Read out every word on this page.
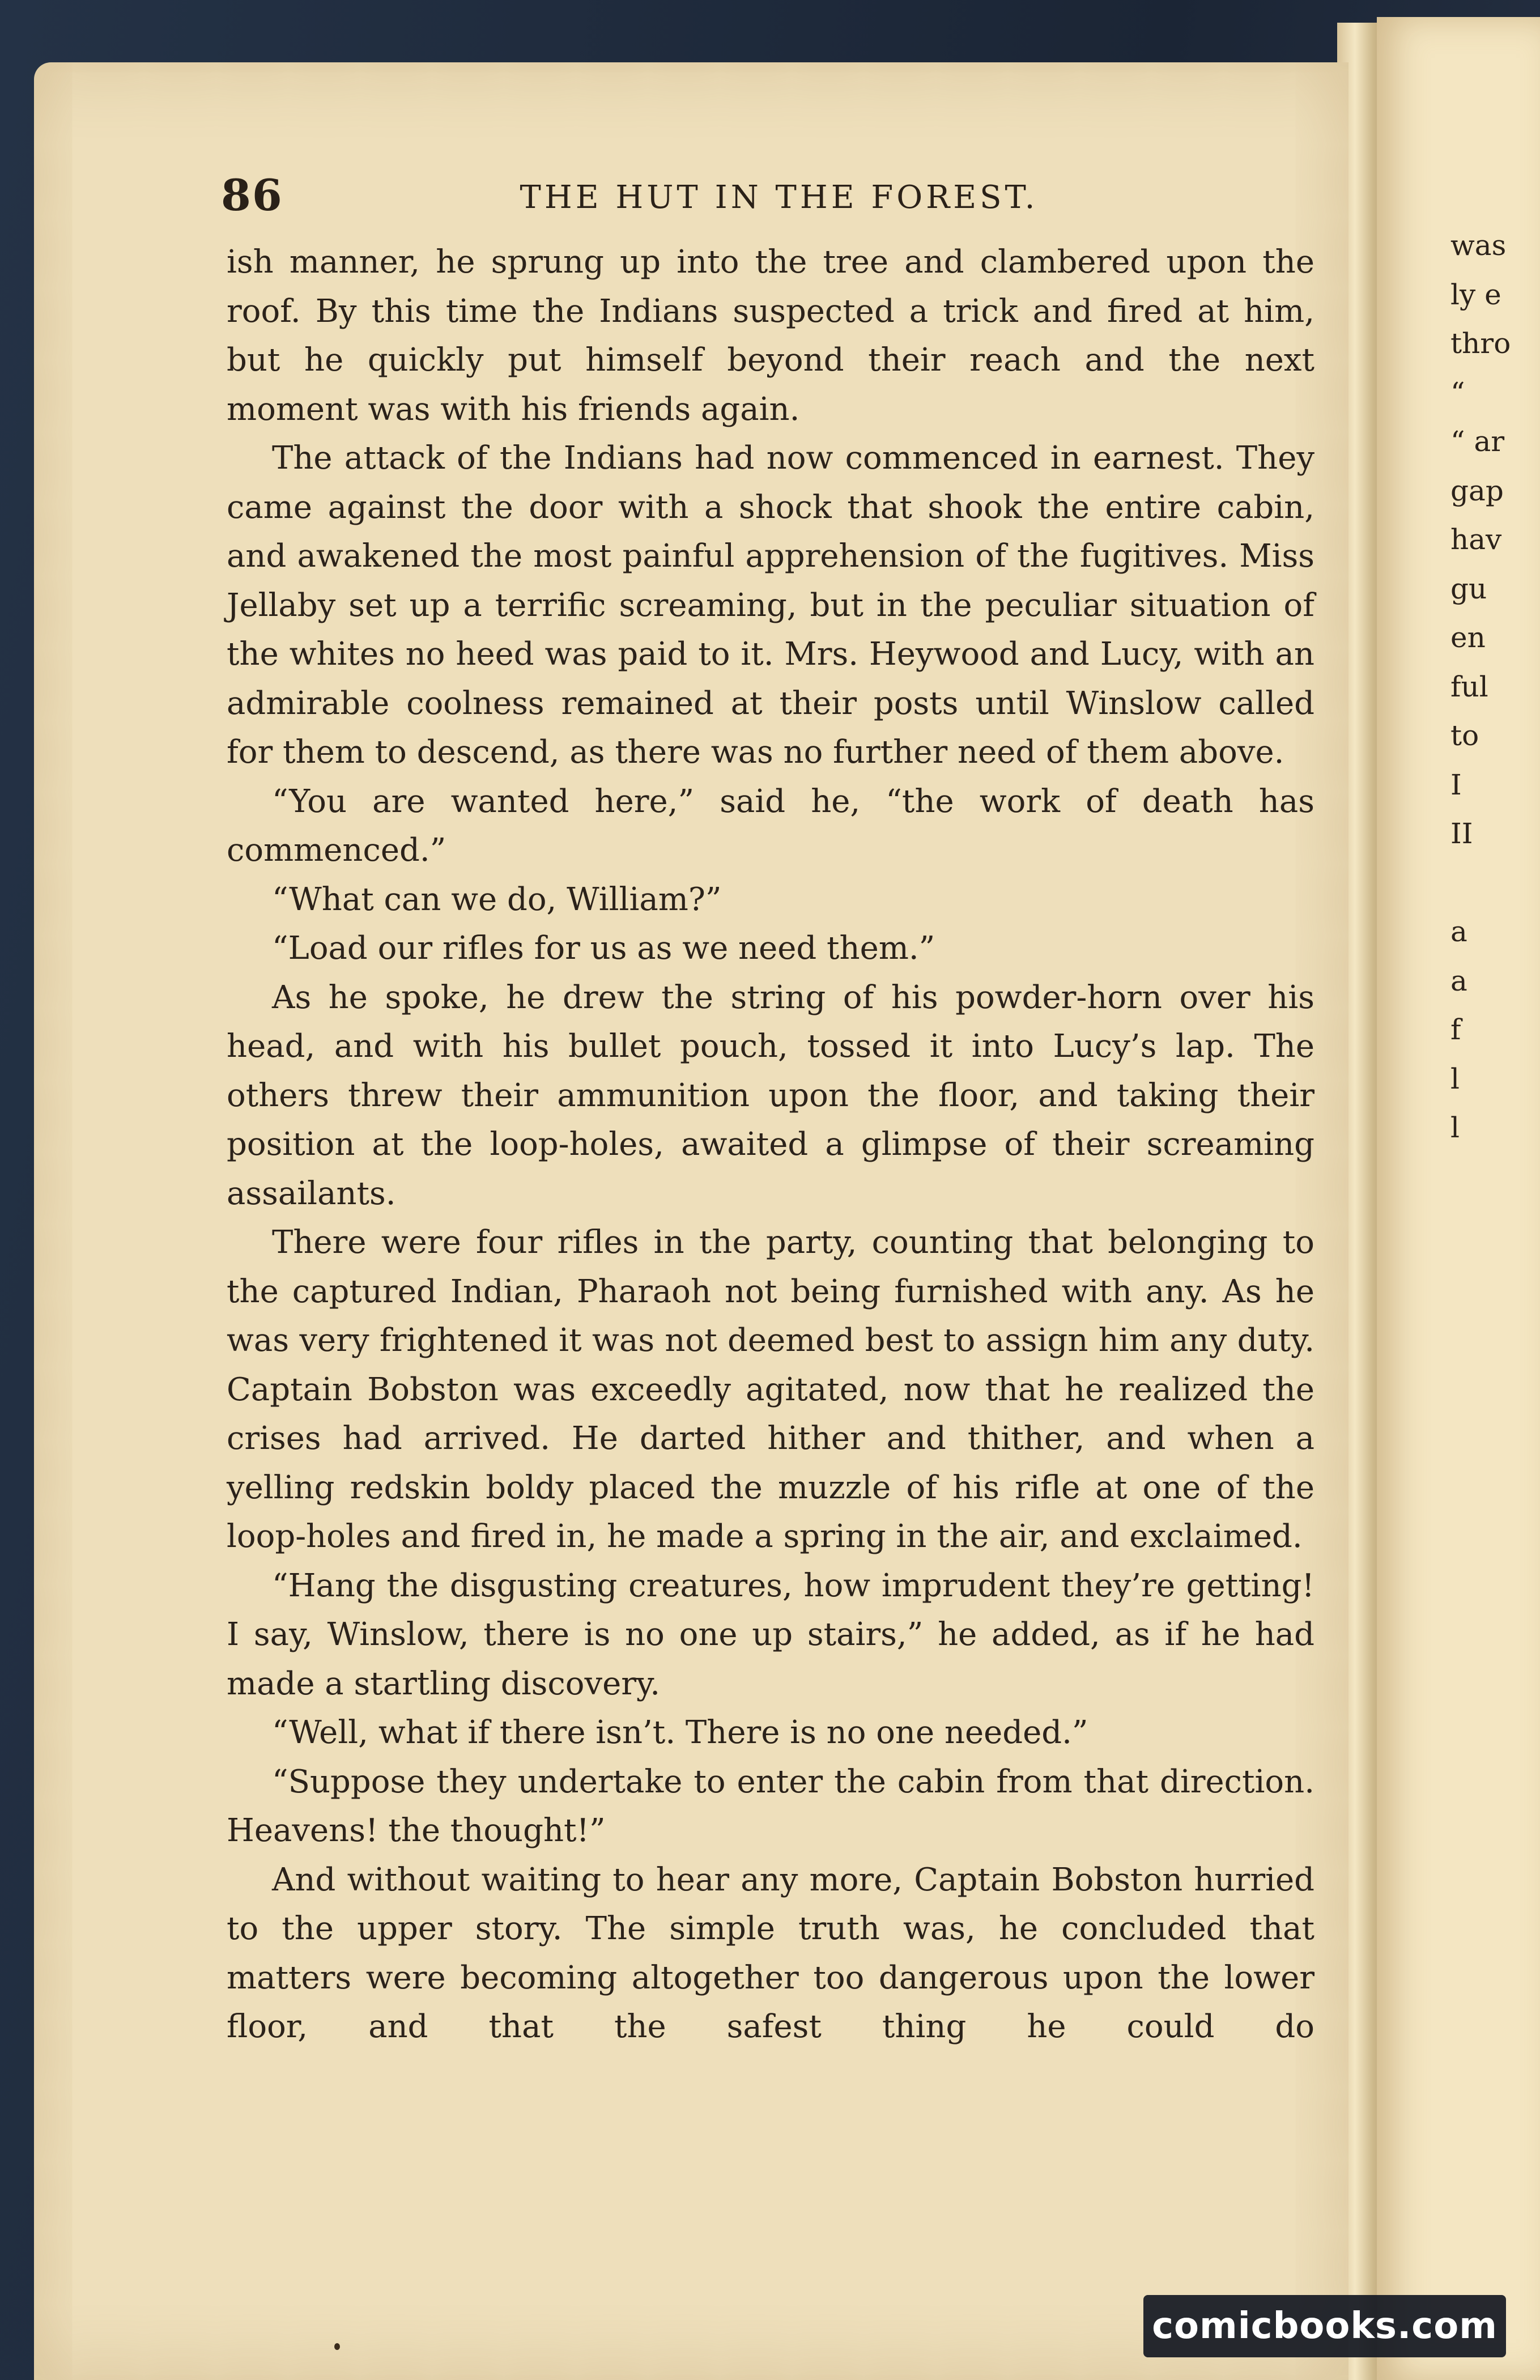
86	THE HUT IN THE FOREST.

ish manner, he sprung up into the tree and clambered upon the roof. By this time the Indians suspected a trick and fired at him, but he quickly put himself beyond their reach and the next moment was with his friends again.

The attack of the Indians had now commenced in earnest. They came against the door with a shock that shook the entire cabin, and awakened the most painful apprehension of the fugitives. Miss Jellaby set up a terrific screaming, but in the peculiar situation of the whites no heed was paid to it. Mrs. Heywood and Lucy, with an admirable coolness remained at their posts until Winslow called for them to descend, as there was no further need of them above.

“You are wanted here,” said he, “the work of death has commenced.”

“What can we do, William?”

“Load our rifles for us as we need them.”

As he spoke, he drew the string of his powder-horn over his head, and with his bullet pouch, tossed it into Lucy’s lap. The others threw their ammunition upon the floor, and taking their position at the loop-holes, awaited a glimpse of their screaming assailants.

There were four rifles in the party, counting that belonging to the captured Indian, Pharaoh not being furnished with any. As he was very frightened it was not deemed best to assign him any duty. Captain Bobston was exceedly agitated, now that he realized the crises had arrived. He darted hither and thither, and when a yelling redskin boldy placed the muzzle of his rifle at one of the loop-holes and fired in, he made a spring in the air, and exclaimed.

“Hang the disgusting creatures, how imprudent they’re getting! I say, Winslow, there is no one up stairs,” he added, as if he had made a startling discovery.

“Well, what if there isn’t. There is no one needed.”

“Suppose they undertake to enter the cabin from that direction. Heavens! the thought!”

And without waiting to hear any more, Captain Bobston hurried to the upper story. The simple truth was, he concluded that matters were becoming altogether too dangerous upon the lower floor, and that the safest thing he could do

was
ly e
thro
“
“ ar
gap
hav
gu
en
ful
to
I
II
a
a
f
l
l
comicbooks.com
